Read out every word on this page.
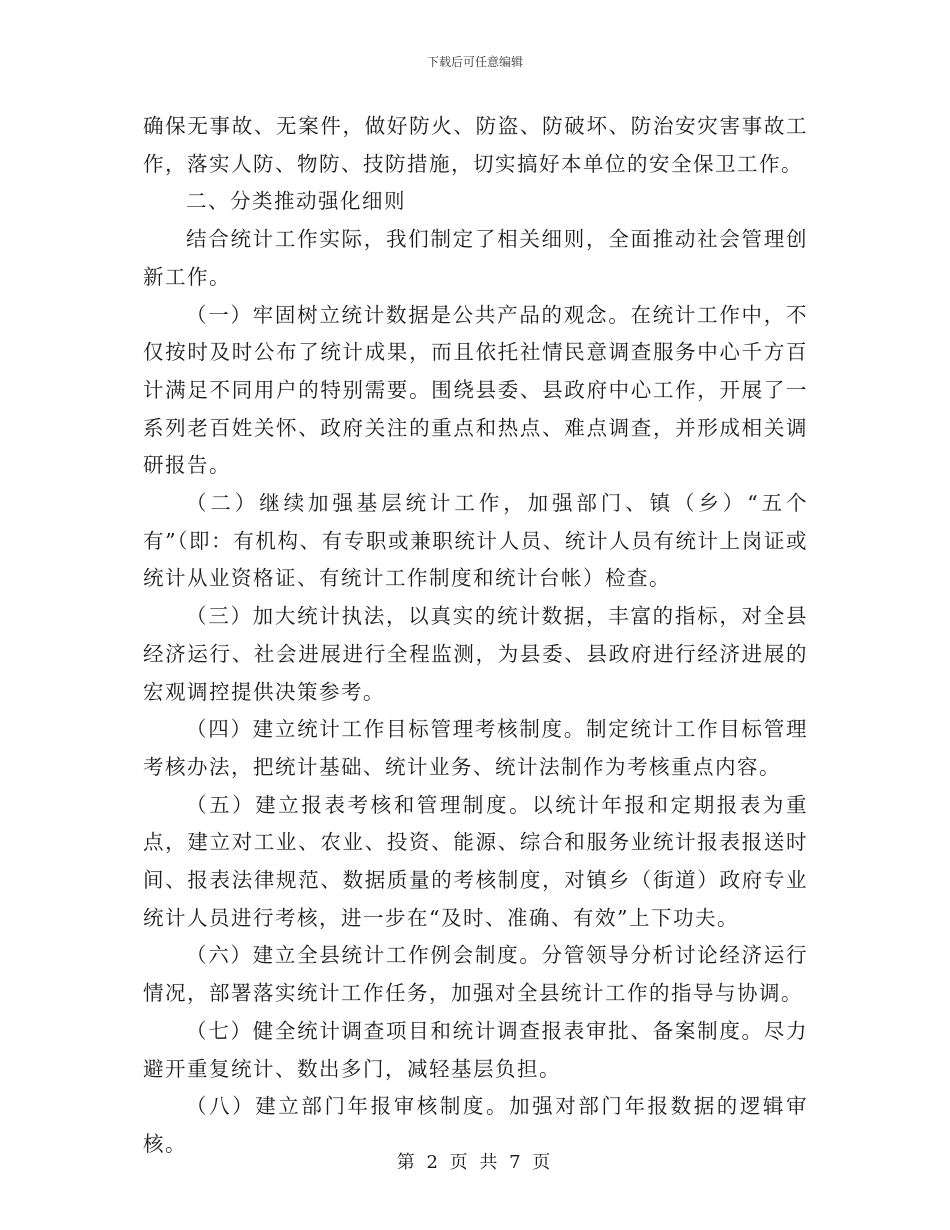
下载后可任意编辑

确保无事故、无案件，做好防火、防盗、防破坏、防治安灾害事故工作，落实人防、物防、技防措施，切实搞好本单位的安全保卫工作。

二、分类推动强化细则

结合统计工作实际，我们制定了相关细则，全面推动社会管理创新工作。

（一）牢固树立统计数据是公共产品的观念。在统计工作中，不仅按时及时公布了统计成果，而且依托社情民意调查服务中心千方百计满足不同用户的特别需要。围绕县委、县政府中心工作，开展了一系列老百姓关怀、政府关注的重点和热点、难点调查，并形成相关调研报告。

（二）继续加强基层统计工作，加强部门、镇（乡）“五个有”（即：有机构、有专职或兼职统计人员、统计人员有统计上岗证或统计从业资格证、有统计工作制度和统计台帐）检查。

（三）加大统计执法，以真实的统计数据，丰富的指标，对全县经济运行、社会进展进行全程监测，为县委、县政府进行经济进展的宏观调控提供决策参考。

（四）建立统计工作目标管理考核制度。制定统计工作目标管理考核办法，把统计基础、统计业务、统计法制作为考核重点内容。

（五）建立报表考核和管理制度。以统计年报和定期报表为重点，建立对工业、农业、投资、能源、综合和服务业统计报表报送时间、报表法律规范、数据质量的考核制度，对镇乡（街道）政府专业统计人员进行考核，进一步在“及时、准确、有效”上下功夫。

（六）建立全县统计工作例会制度。分管领导分析讨论经济运行情况，部署落实统计工作任务，加强对全县统计工作的指导与协调。

（七）健全统计调查项目和统计调查报表审批、备案制度。尽力避开重复统计、数出多门，减轻基层负担。

（八）建立部门年报审核制度。加强对部门年报数据的逻辑审核。

第 2 页 共 7 页
